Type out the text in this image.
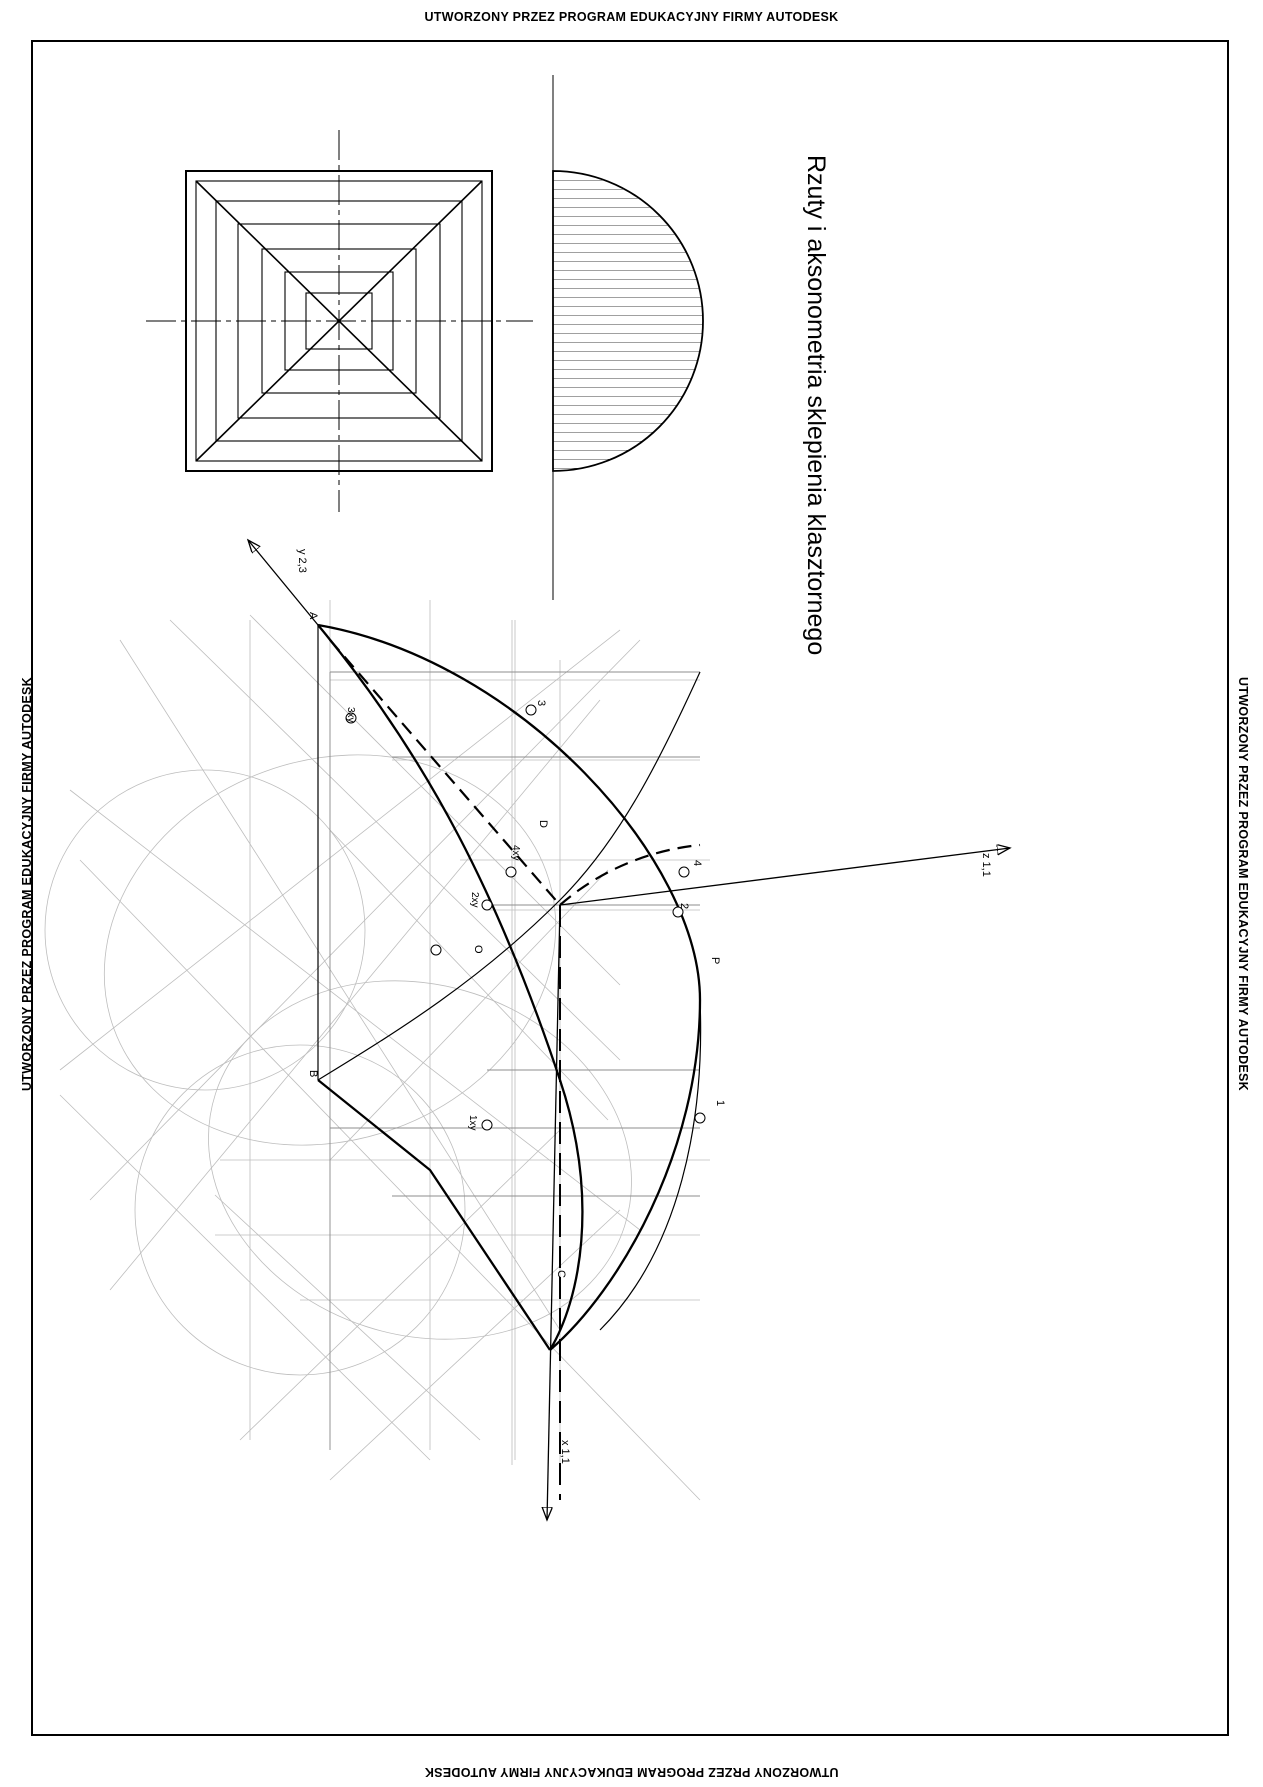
UTWORZONY PRZEZ PROGRAM EDUKACYJNY FIRMY AUTODESK
UTWORZONY PRZEZ PROGRAM EDUKACYJNY FIRMY AUTODESK
UTWORZONY PRZEZ PROGRAM EDUKACYJNY FIRMY AUTODESK	UTWORZONY PRZEZ PROGRAM EDUKACYJNY FIRMY AUTODESK
Rzuty i aksonometria sklepienia klasztornego
y 2,3
z 1,1
x 1,1
A
B
C
D
O
P
1
2
3
4
1xy
2xy
3xy
4xy
